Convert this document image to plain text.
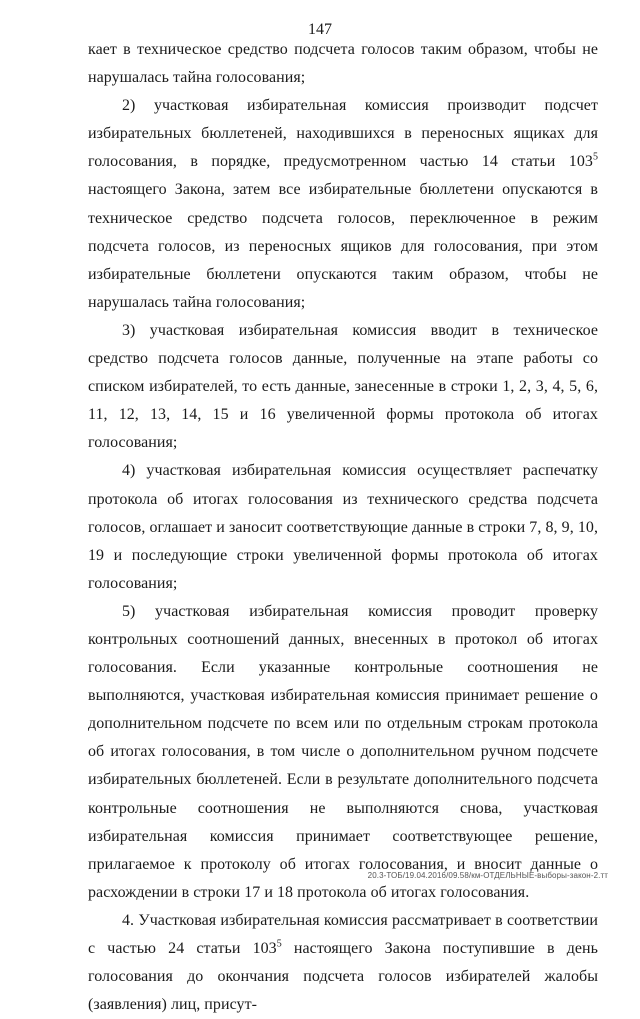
147

кает в техническое средство подсчета голосов таким образом, чтобы не нарушалась тайна голосования;

2) участковая избирательная комиссия производит подсчет избирательных бюллетеней, находившихся в переносных ящиках для голосования, в порядке, предусмотренном частью 14 статьи $103^5$ настоящего Закона, затем все избирательные бюллетени опускаются в техническое средство подсчета голосов, переключенное в режим подсчета голосов, из переносных ящиков для голосования, при этом избирательные бюллетени опускаются таким образом, чтобы не нарушалась тайна голосования;

3) участковая избирательная комиссия вводит в техническое средство подсчета голосов данные, полученные на этапе работы со списком избирателей, то есть данные, занесенные в строки 1, 2, 3, 4, 5, 6, 11, 12, 13, 14, 15 и 16 увеличенной формы протокола об итогах голосования;

4) участковая избирательная комиссия осуществляет распечатку протокола об итогах голосования из технического средства подсчета голосов, оглашает и заносит соответствующие данные в строки 7, 8, 9, 10, 19 и последующие строки увеличенной формы протокола об итогах голосования;

5) участковая избирательная комиссия проводит проверку контрольных соотношений данных, внесенных в протокол об итогах голосования. Если указанные контрольные соотношения не выполняются, участковая избирательная комиссия принимает решение о дополнительном подсчете по всем или по отдельным строкам протокола об итогах голосования, в том числе о дополнительном ручном подсчете избирательных бюллетеней. Если в результате дополнительного подсчета контрольные соотношения не выполняются снова, участковая избирательная комиссия принимает соответствующее решение, прилагаемое к протоколу об итогах голосования, и вносит данные о расхождении в строки 17 и 18 протокола об итогах голосования.

4. Участковая избирательная комиссия рассматривает в соответствии с частью 24 статьи $103^5$ настоящего Закона поступившие в день голосования до окончания подсчета голосов избирателей жалобы (заявления) лиц, присут-

20.3-ТОБ/19.04.2016/09.58/км-ОТДЕЛЬНЫЕ-выборы-закон-2.тт
